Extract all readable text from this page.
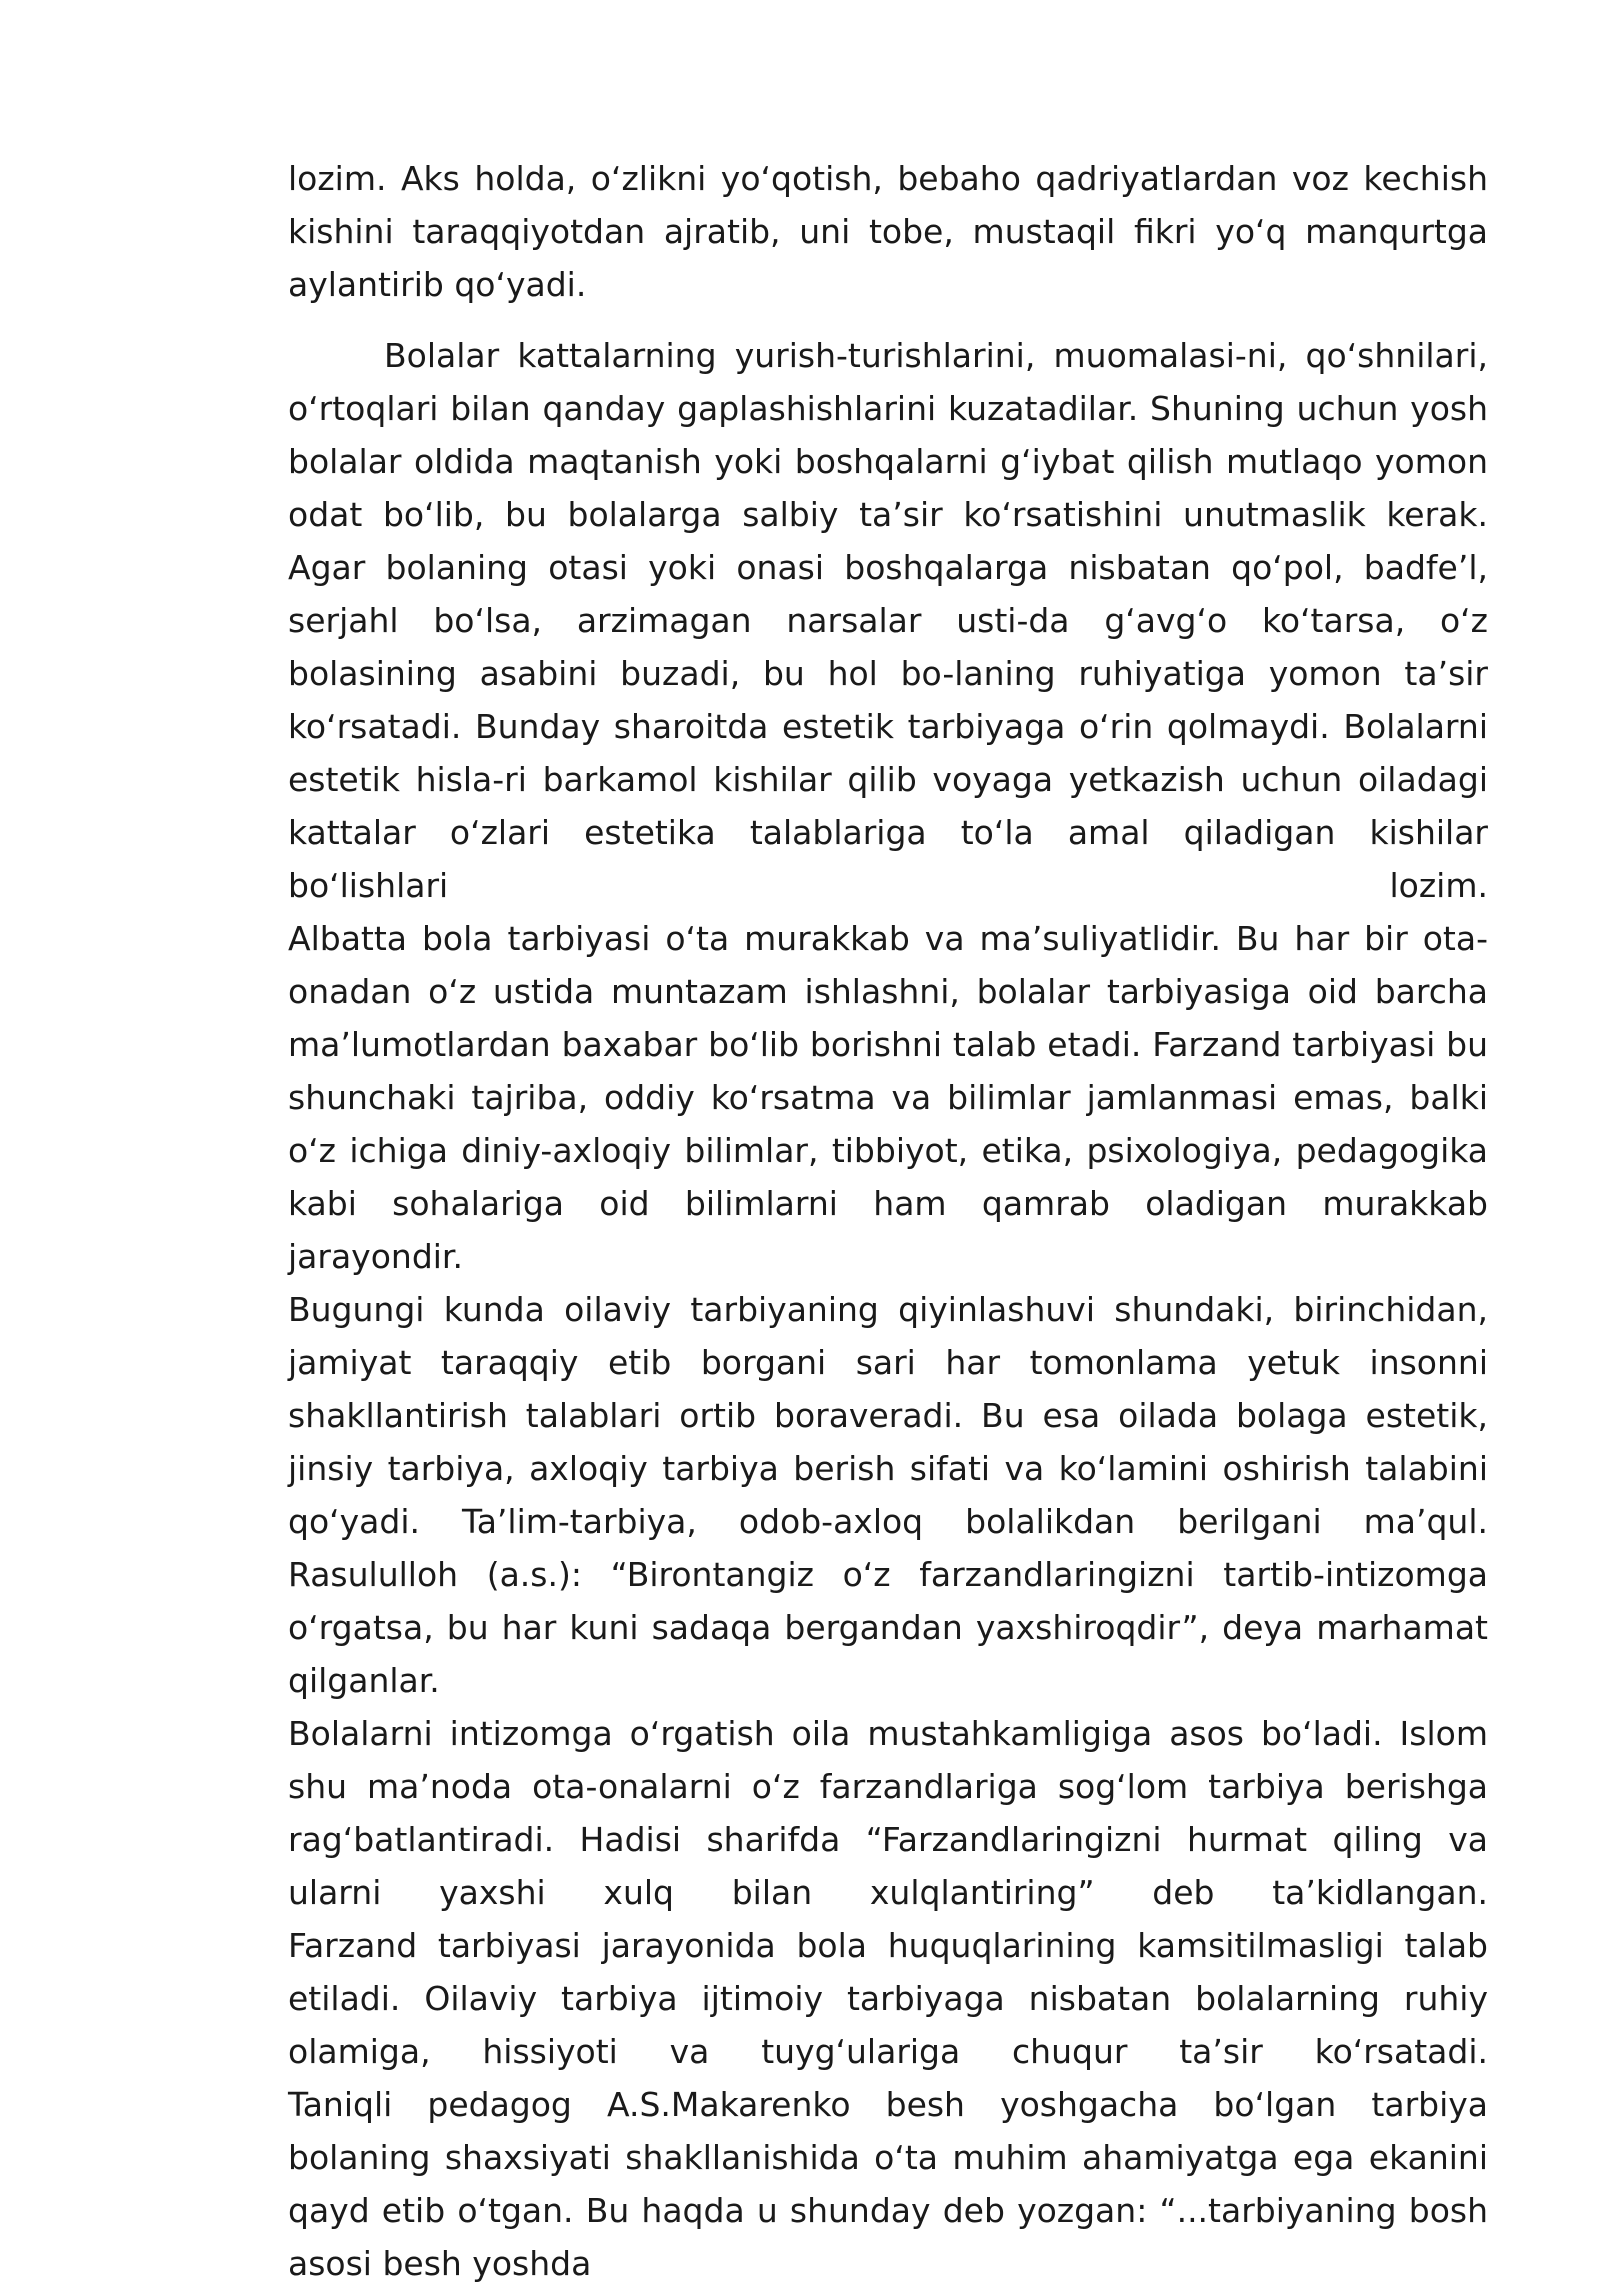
lozim. Aks holda, o‘zlikni yo‘qotish, bebaho qadriyatlardan voz kechish kishini taraqqiyotdan ajratib, uni tobe, mustaqil fikri yo‘q manqurtga aylantirib qo‘yadi.

Bolalar kattalarning yurish-turishlarini, muomalasi-ni, qo‘shnilari, o‘rtoqlari bilan qanday gaplashishlarini kuzatadilar. Shuning uchun yosh bolalar oldida maqtanish yoki boshqalarni g‘iybat qilish mutlaqo yomon odat bo‘lib, bu bolalarga salbiy ta’sir ko‘rsatishini unutmaslik kerak. Agar bolaning otasi yoki onasi boshqalarga nisbatan qo‘pol, badfe’l, serjahl bo‘lsa, arzimagan narsalar usti-da g‘avg‘o ko‘tarsa, o‘z bolasining asabini buzadi, bu hol bo-laning ruhiyatiga yomon ta’sir ko‘rsatadi. Bunday sharoitda estetik tarbiyaga o‘rin qolmaydi. Bolalarni estetik hisla-ri barkamol kishilar qilib voyaga yetkazish uchun oiladagi kattalar o‘zlari estetika talablariga to‘la amal qiladigan kishilar bo‘lishlari lozim.
Albatta bola tarbiyasi o‘ta murakkab va ma’suliyatlidir. Bu har bir ota-onadan o‘z ustida muntazam ishlashni, bolalar tarbiyasiga oid barcha ma’lumotlardan baxabar bo‘lib borishni talab etadi. Farzand tarbiyasi bu shunchaki tajriba, oddiy ko‘rsatma va bilimlar jamlanmasi emas, balki o‘z ichiga diniy-axloqiy bilimlar, tibbiyot, etika, psixologiya, pedagogika kabi sohalariga oid bilimlarni ham qamrab oladigan murakkab jarayondir.
Bugungi kunda oilaviy tarbiyaning qiyinlashuvi shundaki, birinchidan, jamiyat taraqqiy etib borgani sari har tomonlama yetuk insonni shakllantirish talablari ortib boraveradi. Bu esa oilada bolaga estetik, jinsiy tarbiya, axloqiy tarbiya berish sifati va ko‘lamini oshirish talabini qo‘yadi. Ta’lim-tarbiya, odob-axloq bolalikdan berilgani ma’qul. Rasululloh (a.s.): “Birontangiz o‘z farzandlaringizni tartib-intizomga o‘rgatsa, bu har kuni sadaqa bergandan yaxshiroqdir”, deya marhamat qilganlar.
Bolalarni intizomga o‘rgatish oila mustahkamligiga asos bo‘ladi. Islom shu ma’noda ota-onalarni o‘z farzandlariga sog‘lom tarbiya berishga rag‘batlantiradi. Hadisi sharifda “Farzandlaringizni hurmat qiling va ularni yaxshi xulq bilan xulqlantiring” deb ta’kidlangan.
Farzand tarbiyasi jarayonida bola huquqlarining kamsitilmasligi talab etiladi. Oilaviy tarbiya ijtimoiy tarbiyaga nisbatan bolalarning ruhiy olamiga, hissiyoti va tuyg‘ulariga chuqur ta’sir ko‘rsatadi.
Taniqli pedagog A.S.Makarenko besh yoshgacha bo‘lgan tarbiya bolaning shaxsiyati shakllanishida o‘ta muhim ahamiyatga ega ekanini qayd etib o‘tgan. Bu haqda u shunday deb yozgan: “...tarbiyaning bosh asosi besh yoshda
